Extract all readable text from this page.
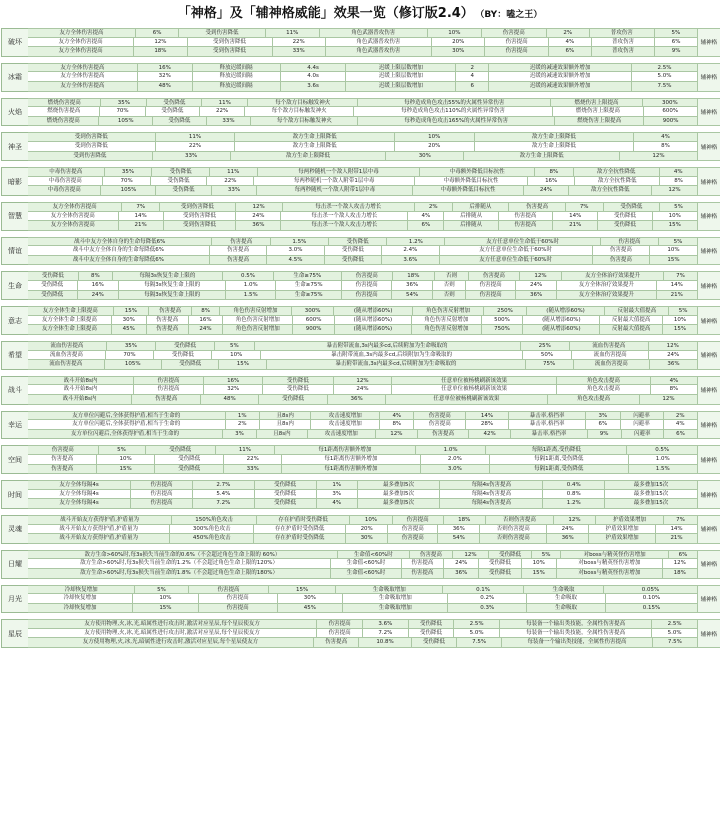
「神格」及「辅神格威能」效果一览（修订版2.4） （BY：嗑之王）
破坏
友方全体伤害提高	6%	受到伤害降低	11%	角色武器普攻伤害	10%	伤害提高	2%	普攻伤害	5%
友方全体伤害提高	12%	受到伤害降低	22%	角色武器普攻伤害	20%	伤害提高	4%	普攻伤害	6%
友方全体伤害提高	18%	受到伤害降低	33%	角色武器普攻伤害	30%	伤害提高	6%	普攻伤害	9%
辅神格
冰霜
友方全体伤害提高	16%	释放迟缓间隔	4.4s	迟缓上限层数增加	2	迟缓的减速效果额外增加	2.5%
友方全体伤害提高	32%	释放迟缓间隔	4.0s	迟缓上限层数增加	4	迟缓的减速效果额外增加	5.0%
友方全体伤害提高	48%	释放迟缓间隔	3.6s	迟缓上限层数增加	6	迟缓的减速效果额外增加	7.5%
辅神格
火焰
燃烧伤害提高	35%	受伤降低	11%	每个敌方目标触发神火	每秒造成角色攻击55%的火属性异常伤害	燃烧伤害上限提高	300%
燃烧伤害提高	70%	受伤降低	22%	每个敌方目标触发神火	每秒造成角色攻击110%的火属性异常伤害	燃烧伤害上限提高	600%
燃烧伤害提高	105%	受伤降低	33%	每个敌方目标触发神火	每秒造成角色攻击165%的火属性异常伤害	燃烧伤害上限提高	900%
辅神格
神圣
受到伤害降低	11%	敌方生命上限降低	10%	敌方生命上限降低	4%
受到伤害降低	22%	敌方生命上限降低	20%	敌方生命上限降低	8%
受到伤害降低	33%	敌方生命上限降低	30%	敌方生命上限降低	12%
辅神格
暗影
中毒伤害提高	35%	受伤降低	11%	每两秒随机一个敌人附带1层中毒	中毒额外降低目标抗性	8%	敌方全抗性降低	4%
中毒伤害提高	70%	受伤降低	22%	每两秒随机一个敌人附带1层中毒	中毒额外降低目标抗性	16%	敌方全抗性降低	8%
中毒伤害提高	105%	受伤降低	33%	每两秒随机一个敌人附带1层中毒	中毒额外降低目标抗性	24%	敌方全抗性降低	12%
辅神格
智慧
友方全体伤害提高	7%	受到伤害降低	12%	每击杀一个敌人攻击力增长	2%	后排随从	伤害提高	7%	受伤降低	5%
友方全体伤害提高	14%	受到伤害降低	24%	每击杀一个敌人攻击力增长	4%	后排随从	伤害提高	14%	受伤降低	10%
友方全体伤害提高	21%	受到伤害降低	36%	每击杀一个敌人攻击力增长	6%	后排随从	伤害提高	21%	受伤降低	15%
辅神格
情谊
战斗中友方全体自身的生命每降低6%	伤害提高	1.5%	受伤降低	1.2%	友方任意单位生命低于60%时	伤害提高	5%
战斗中友方全体自身的生命每降低6%	伤害提高	3.0%	受伤降低	2.4%	友方任意单位生命低于60%时	伤害提高	10%
战斗中友方全体自身的生命每降低6%	伤害提高	4.5%	受伤降低	3.6%	友方任意单位生命低于60%时	伤害提高	15%
辅神格
生命
受伤降低	8%	每隔3s恢复生命上限的	0.5%	生命≥75%	伤害提高	18%	否则	伤害提高	12%	友方全体治疗效果提升	7%
受伤降低	16%	每隔3s恢复生命上限的	1.0%	生命≥75%	伤害提高	36%	否则	伤害提高	24%	友方全体治疗效果提升	14%
受伤降低	24%	每隔3s恢复生命上限的	1.5%	生命≥75%	伤害提高	54%	否则	伤害提高	36%	友方全体治疗效果提升	21%
辅神格
意志
友方全体生命上限提高	15%	伤害提高	8%	角色伤害反射增加	300%	(随从增添60%)	角色伤害反射增加	250%	(随从增添60%)	反射最大值提高	5%
友方全体生命上限提高	30%	伤害提高	16%	角色伤害反射增加	600%	(随从增添60%)	角色伤害反射增加	500%	(随从增添60%)	反射最大值提高	10%
友方全体生命上限提高	45%	伤害提高	24%	角色伤害反射增加	900%	(随从增添60%)	角色伤害反射增加	750%	(随从增添60%)	反射最大值提高	15%
辅神格
希望
流血伤害提高	35%	受伤降低	5%	暴击附带流血,3s内最多cd,后续附加为生命吸取的	25%	流血伤害提高	12%
流血伤害提高	70%	受伤降低	10%	暴击附带流血,3s内最多cd,后续附加为生命吸取的	50%	流血伤害提高	24%
流血伤害提高	105%	受伤降低	15%	暴击附带流血,3s内最多cd,后续附加为生命吸取的	75%	流血伤害提高	36%
辅神格
战斗
战斗开始8s内	伤害提高	16%	受伤降低	12%	任意单位被杨桃刷新该效果	角色攻击提高	4%
战斗开始8s内	伤害提高	32%	受伤降低	24%	任意单位被杨桃刷新该效果	角色攻击提高	8%
战斗开始8s内	伤害提高	48%	受伤降低	36%	任意单位被杨桃刷新该效果	角色攻击提高	12%
辅神格
幸运
友方单位闪避后,全体获得护盾,相当于生命的	1%	且8s内	攻击速度增加	4%	伤害提高	14%	暴击率,格挡率	3%	闪避率	2%
友方单位闪避后,全体获得护盾,相当于生命的	2%	且8s内	攻击速度增加	8%	伤害提高	28%	暴击率,格挡率	6%	闪避率	4%
友方单位闪避后,全体获得护盾,相当于生命的	3%	且8s内	攻击速度增加	12%	伤害提高	42%	暴击率,格挡率	9%	闪避率	6%
辅神格
空间
伤害提高	5%	受伤降低	11%	每1距离伤害额外增加	1.0%	每隔1距离,受伤降低	0.5%
伤害提高	10%	受伤降低	22%	每1距离伤害额外增加	2.0%	每隔1距离,受伤降低	1.0%
伤害提高	15%	受伤降低	33%	每1距离伤害额外增加	3.0%	每隔1距离,受伤降低	1.5%
辅神格
时间
友方全体每隔4s	伤害提高	2.7%	受伤降低	1%	最多叠加5次	每隔4s伤害提高	0.4%	最多叠加15次
友方全体每隔4s	伤害提高	5.4%	受伤降低	3%	最多叠加5次	每隔4s伤害提高	0.8%	最多叠加15次
友方全体每隔4s	伤害提高	7.2%	受伤降低	4%	最多叠加5次	每隔4s伤害提高	1.2%	最多叠加15次
辅神格
灵魂
战斗开始友方获得护盾,护盾量为	150%角色攻击	存在护盾时受伤降低	10%	伤害提高	18%	否则伤害提高	12%	护盾效果增加	7%
战斗开始友方获得护盾,护盾量为	300%角色攻击	存在护盾时受伤降低	20%	伤害提高	36%	否则伤害提高	24%	护盾效果增加	14%
战斗开始友方获得护盾,护盾量为	450%角色攻击	存在护盾时受伤降低	30%	伤害提高	54%	否则伤害提高	36%	护盾效果增加	21%
辅神格
日耀
敌方生命>60%时,每3s损失当前生命的0.6%（不会超过角色生命上限的 60%）	生命值<60%时	伤害提高	12%	受伤降低	5%	对boss与精英怪伤害增加	6%
敌方生命>60%时,每3s损失当前生命的1.2%（不会超过角色生命上限的120%）	生命值<60%时	伤害提高	24%	受伤降低	10%	对boss与精英怪伤害增加	12%
敌方生命>60%时,每3s损失当前生命的1.8%（不会超过角色生命上限的180%）	生命值<60%时	伤害提高	36%	受伤降低	15%	对boss与精英怪伤害增加	18%
辅神格
月光
冷却恢复增加	5%	伤害提高	15%	生命吸取增加	0.1%	生命吸取	0.05%
冷却恢复增加	10%	伤害提高	30%	生命吸取增加	0.2%	生命吸取	0.10%
冷却恢复增加	15%	伤害提高	45%	生命吸取增加	0.3%	生命吸取	0.15%
辅神格
星辰
友方使用物理,火,冰,光,暗属性进行攻击时,激活对应星辰,每个星辰使友方	伤害提高	3.6%	受伤降低	2.5%	每装备一个输出类技能，全属性伤害提高	2.5%
友方使用物理,火,冰,光,暗属性进行攻击时,激活对应星辰,每个星辰使友方	伤害提高	7.2%	受伤降低	5.0%	每装备一个输出类技能，全属性伤害提高	5.0%
友方使用物理,火,冰,光,暗属性进行攻击时,激活对应星辰,每个星辰使友方	伤害提高	10.8%	受伤降低	7.5%	每装备一个输出类技能，全属性伤害提高	7.5%
辅神格
